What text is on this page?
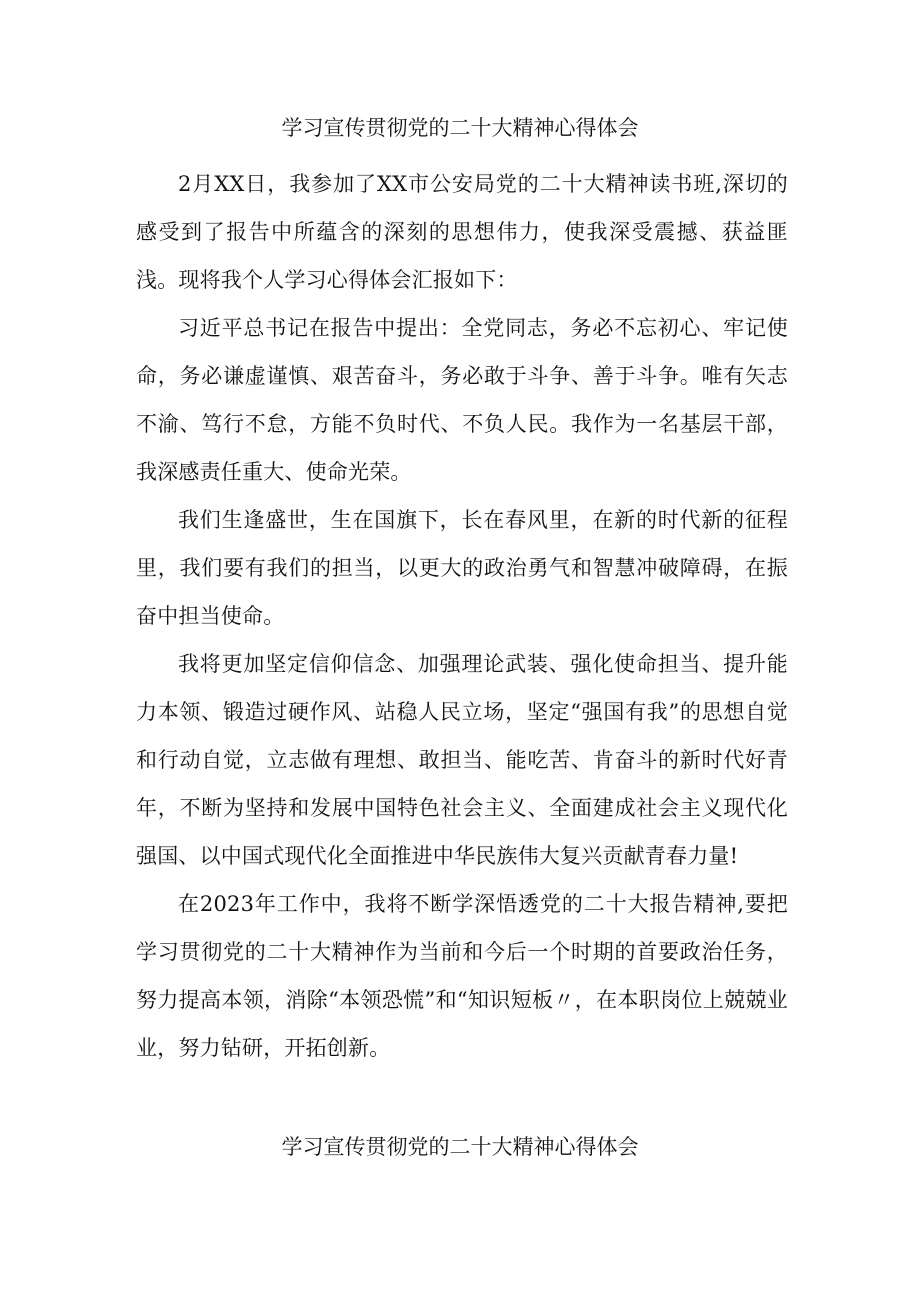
学习宣传贯彻党的二十大精神心得体会

2月XX日，我参加了XX市公安局党的二十大精神读书班,深切的感受到了报告中所蕴含的深刻的思想伟力，使我深受震撼、获益匪浅。现将我个人学习心得体会汇报如下：

习近平总书记在报告中提出：全党同志，务必不忘初心、牢记使命，务必谦虚谨慎、艰苦奋斗，务必敢于斗争、善于斗争。唯有矢志不渝、笃行不怠，方能不负时代、不负人民。我作为一名基层干部，我深感责任重大、使命光荣。

我们生逢盛世，生在国旗下，长在春风里，在新的时代新的征程里，我们要有我们的担当，以更大的政治勇气和智慧冲破障碍，在振奋中担当使命。

我将更加坚定信仰信念、加强理论武装、强化使命担当、提升能力本领、锻造过硬作风、站稳人民立场，坚定“强国有我”的思想自觉和行动自觉，立志做有理想、敢担当、能吃苦、肯奋斗的新时代好青年，不断为坚持和发展中国特色社会主义、全面建成社会主义现代化强国、以中国式现代化全面推进中华民族伟大复兴贡献青春力量!

在2023年工作中，我将不断学深悟透党的二十大报告精神,要把学习贯彻党的二十大精神作为当前和今后一个时期的首要政治任务，努力提高本领，消除“本领恐慌”和“知识短板〃，在本职岗位上兢兢业业，努力钻研，开拓创新。

学习宣传贯彻党的二十大精神心得体会
